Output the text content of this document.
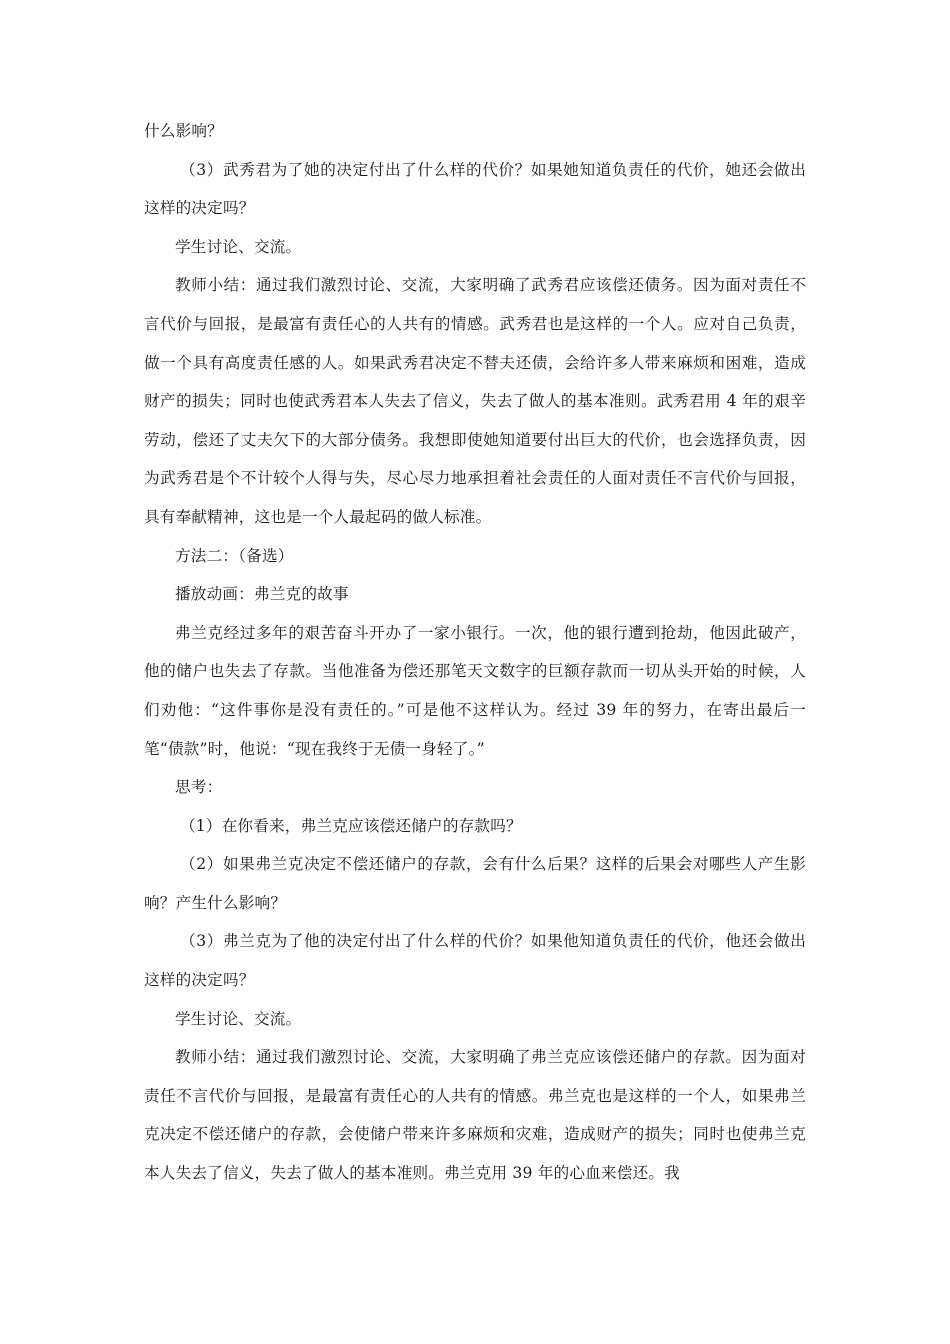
什么影响？

（3）武秀君为了她的决定付出了什么样的代价？如果她知道负责任的代价，她还会做出这样的决定吗？

学生讨论、交流。

教师小结：通过我们激烈讨论、交流，大家明确了武秀君应该偿还债务。因为面对责任不言代价与回报，是最富有责任心的人共有的情感。武秀君也是这样的一个人。应对自己负责，做一个具有高度责任感的人。如果武秀君决定不替夫还债，会给许多人带来麻烦和困难，造成财产的损失；同时也使武秀君本人失去了信义，失去了做人的基本准则。武秀君用 4 年的艰辛劳动，偿还了丈夫欠下的大部分债务。我想即使她知道要付出巨大的代价，也会选择负责，因为武秀君是个不计较个人得与失，尽心尽力地承担着社会责任的人面对责任不言代价与回报，具有奉献精神，这也是一个人最起码的做人标准。

方法二：（备选）

播放动画：弗兰克的故事

弗兰克经过多年的艰苦奋斗开办了一家小银行。一次，他的银行遭到抢劫，他因此破产，他的储户也失去了存款。当他准备为偿还那笔天文数字的巨额存款而一切从头开始的时候，人们劝他：“这件事你是没有责任的。”可是他不这样认为。经过 39 年的努力，在寄出最后一笔“债款”时，他说：“现在我终于无债一身轻了。”

思考：

（1）在你看来，弗兰克应该偿还储户的存款吗？

（2）如果弗兰克决定不偿还储户的存款，会有什么后果？这样的后果会对哪些人产生影响？产生什么影响？

（3）弗兰克为了他的决定付出了什么样的代价？如果他知道负责任的代价，他还会做出这样的决定吗？

学生讨论、交流。

教师小结：通过我们激烈讨论、交流，大家明确了弗兰克应该偿还储户的存款。因为面对责任不言代价与回报，是最富有责任心的人共有的情感。弗兰克也是这样的一个人，如果弗兰克决定不偿还储户的存款，会使储户带来许多麻烦和灾难，造成财产的损失；同时也使弗兰克本人失去了信义，失去了做人的基本准则。弗兰克用 39 年的心血来偿还。我
